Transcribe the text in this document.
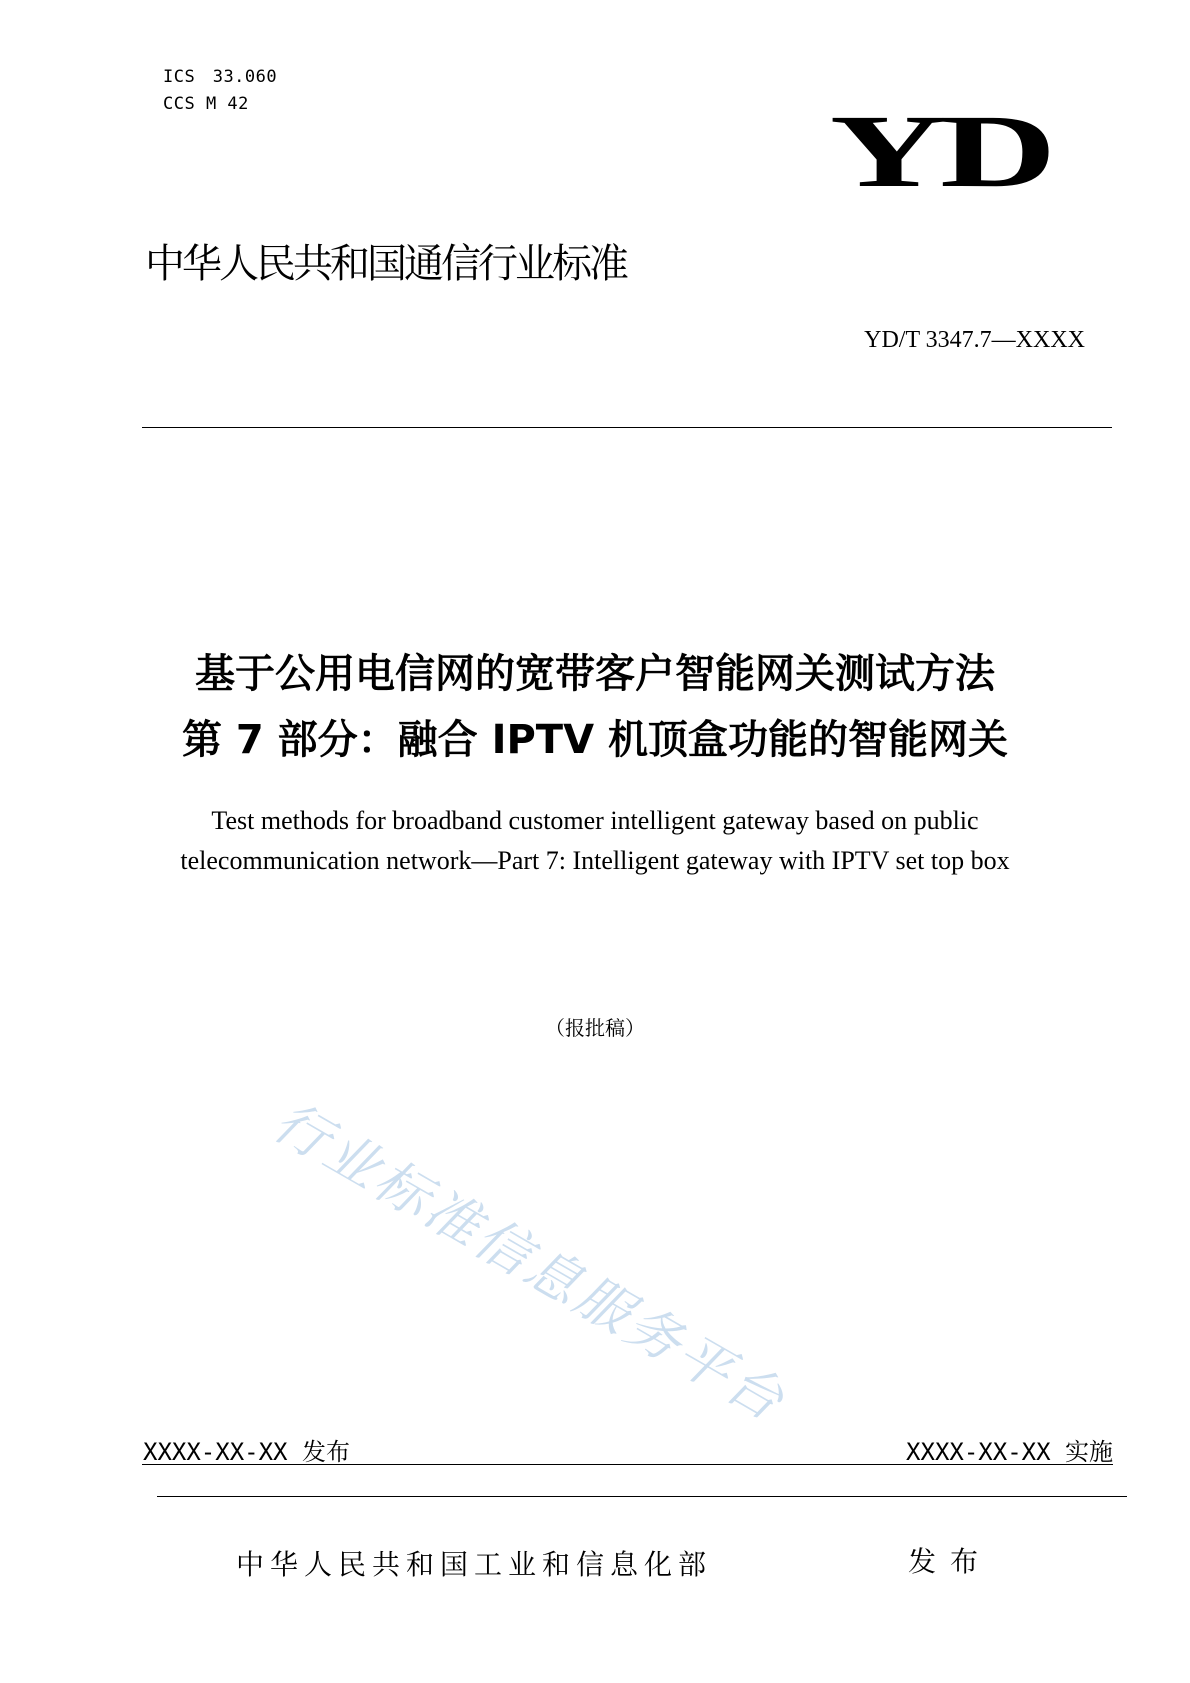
ICS　33.060
CCS M 42	YD
中华人民共和国通信行业标准
YD/T 3347.7—XXXX
基于公用电信网的宽带客户智能网关测试方法
第 7 部分：融合 IPTV 机顶盒功能的智能网关
Test methods for broadband customer intelligent gateway based on public
telecommunication network—Part 7: Intelligent gateway with IPTV set top box
（报批稿）
行业标准信息服务平台
XXXX-XX-XX 发布	XXXX-XX-XX 实施
中华人民共和国工业和信息化部	发布
